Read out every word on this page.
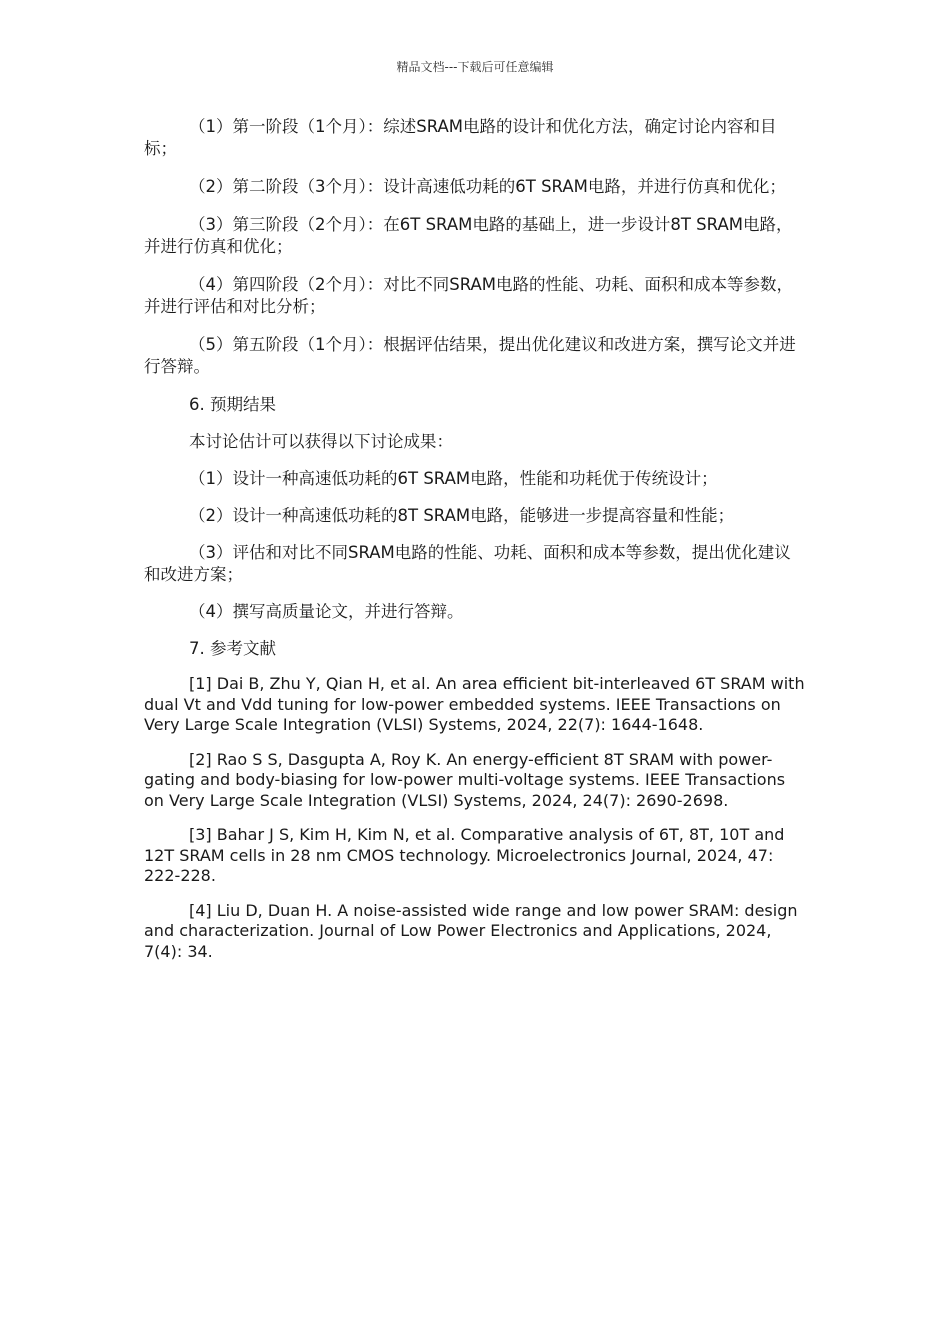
精品文档---下载后可任意编辑

（1）第一阶段（1个月）：综述SRAM电路的设计和优化方法，确定讨论内容和目标；

（2）第二阶段（3个月）：设计高速低功耗的6T SRAM电路，并进行仿真和优化；

（3）第三阶段（2个月）：在6T SRAM电路的基础上，进一步设计8T SRAM电路，并进行仿真和优化；

（4）第四阶段（2个月）：对比不同SRAM电路的性能、功耗、面积和成本等参数，并进行评估和对比分析；

（5）第五阶段（1个月）：根据评估结果，提出优化建议和改进方案，撰写论文并进行答辩。

6. 预期结果

本讨论估计可以获得以下讨论成果：

（1）设计一种高速低功耗的6T SRAM电路，性能和功耗优于传统设计；

（2）设计一种高速低功耗的8T SRAM电路，能够进一步提高容量和性能；

（3）评估和对比不同SRAM电路的性能、功耗、面积和成本等参数，提出优化建议和改进方案；

（4）撰写高质量论文，并进行答辩。

7. 参考文献

[1] Dai B, Zhu Y, Qian H, et al. An area efficient bit-interleaved 6T SRAM with dual Vt and Vdd tuning for low-power embedded systems. IEEE Transactions on Very Large Scale Integration (VLSI) Systems, 2024, 22(7): 1644-1648.

[2] Rao S S, Dasgupta A, Roy K. An energy-efficient 8T SRAM with power-gating and body-biasing for low-power multi-voltage systems. IEEE Transactions on Very Large Scale Integration (VLSI) Systems, 2024, 24(7): 2690-2698.

[3] Bahar J S, Kim H, Kim N, et al. Comparative analysis of 6T, 8T, 10T and 12T SRAM cells in 28 nm CMOS technology. Microelectronics Journal, 2024, 47: 222-228.

[4] Liu D, Duan H. A noise-assisted wide range and low power SRAM: design and characterization. Journal of Low Power Electronics and Applications, 2024, 7(4): 34.
